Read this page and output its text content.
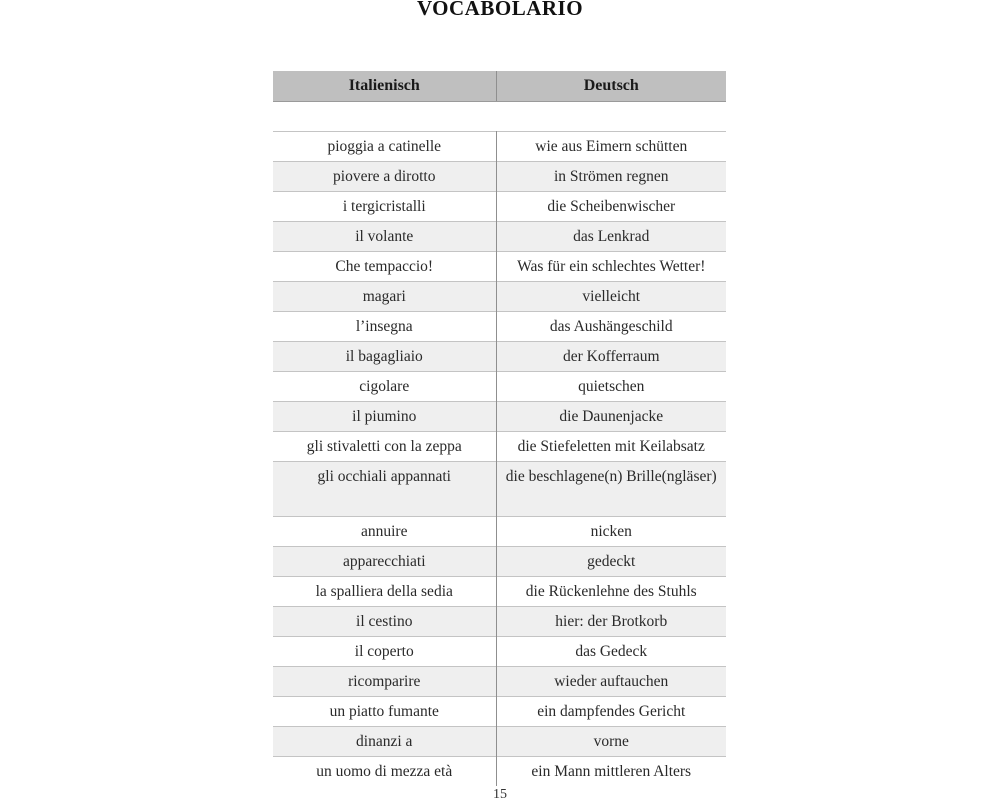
VOCABOLARIO
Italienisch	Deutsch

pioggia a catinelle	wie aus Eimern schütten
piovere a dirotto	in Strömen regnen
i tergicristalli	die Scheibenwischer
il volante	das Lenkrad
Che tempaccio!	Was für ein schlechtes Wetter!
magari	vielleicht
l’insegna	das Aushängeschild
il bagagliaio	der Kofferraum
cigolare	quietschen
il piumino	die Daunenjacke
gli stivaletti con la zeppa	die Stiefeletten mit Keilabsatz
gli occhiali appannati	die beschlagene(n) Brille(ngläser)
annuire	nicken
apparecchiati	gedeckt
la spalliera della sedia	die Rückenlehne des Stuhls
il cestino	hier: der Brotkorb
il coperto	das Gedeck
ricomparire	wieder auftauchen
un piatto fumante	ein dampfendes Gericht
dinanzi a	vorne
un uomo di mezza età	ein Mann mittleren Alters
15
